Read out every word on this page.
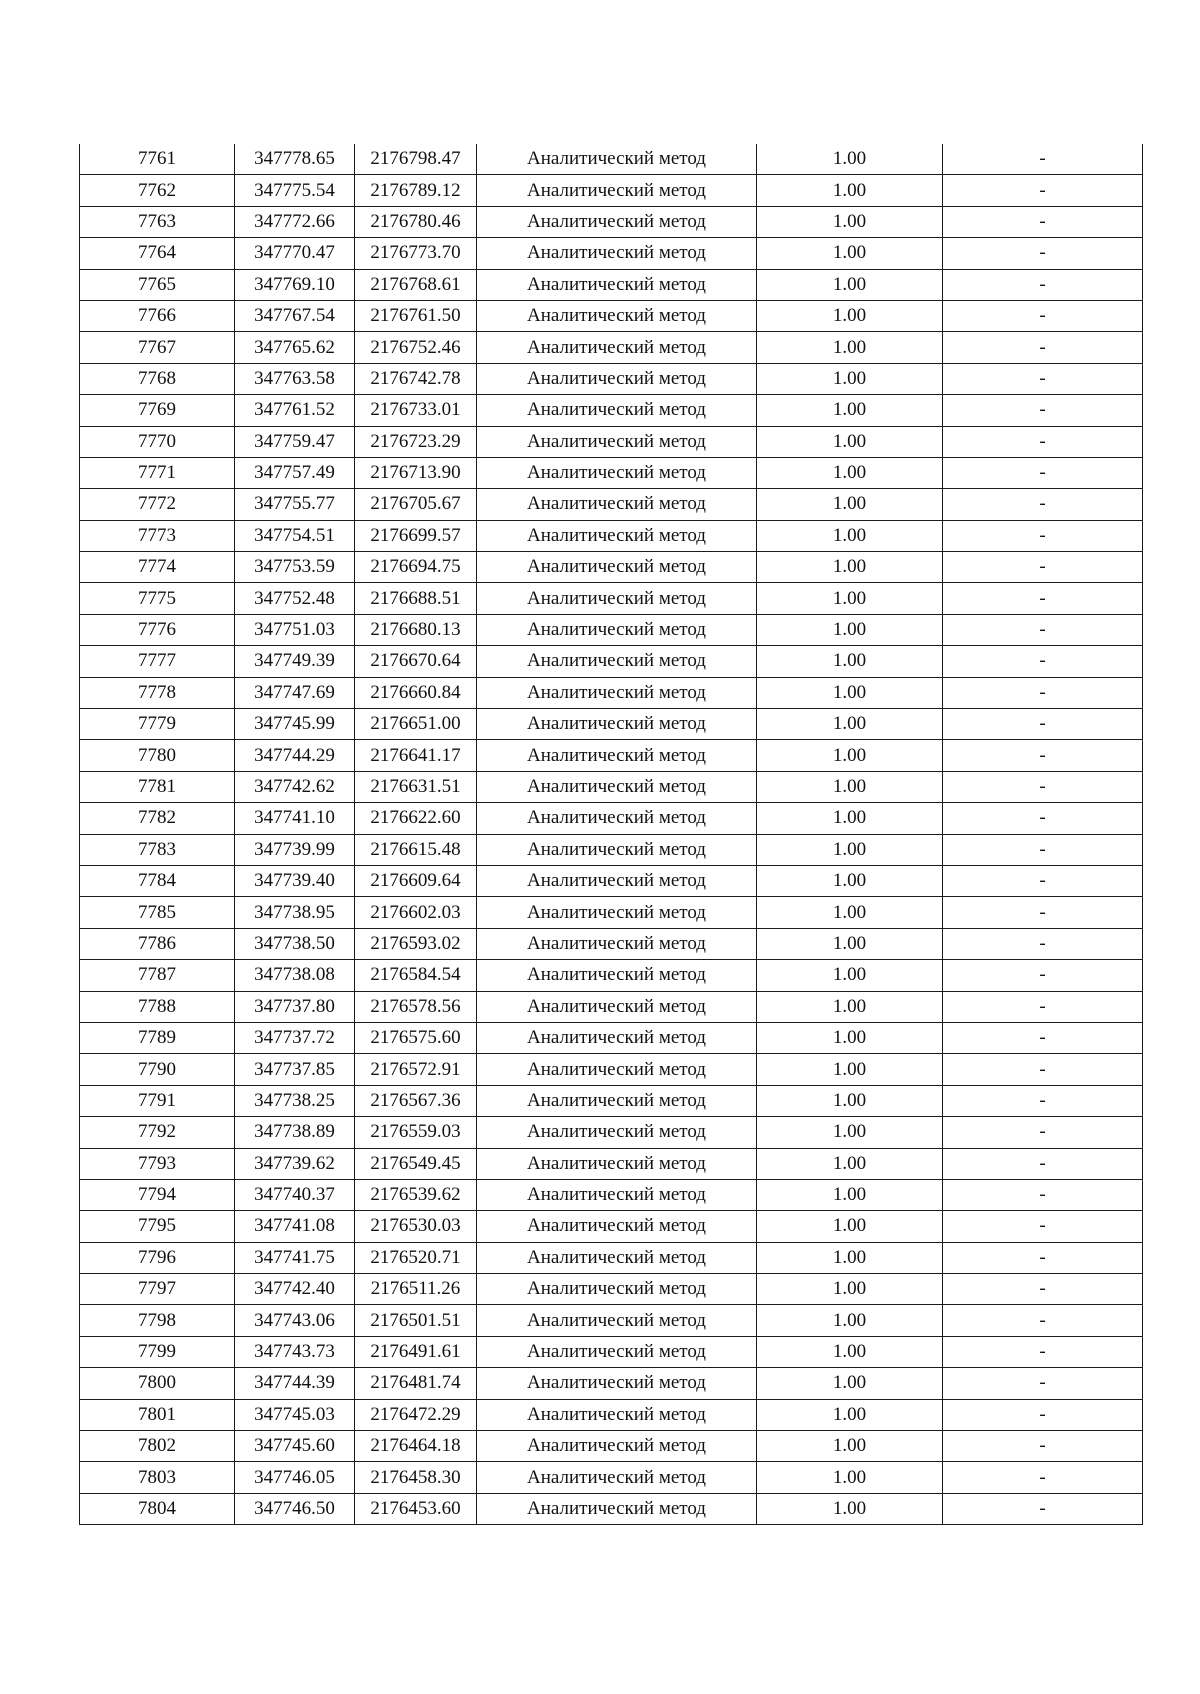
7761	347778.65	2176798.47	Аналитический метод	1.00	-
7762	347775.54	2176789.12	Аналитический метод	1.00	-
7763	347772.66	2176780.46	Аналитический метод	1.00	-
7764	347770.47	2176773.70	Аналитический метод	1.00	-
7765	347769.10	2176768.61	Аналитический метод	1.00	-
7766	347767.54	2176761.50	Аналитический метод	1.00	-
7767	347765.62	2176752.46	Аналитический метод	1.00	-
7768	347763.58	2176742.78	Аналитический метод	1.00	-
7769	347761.52	2176733.01	Аналитический метод	1.00	-
7770	347759.47	2176723.29	Аналитический метод	1.00	-
7771	347757.49	2176713.90	Аналитический метод	1.00	-
7772	347755.77	2176705.67	Аналитический метод	1.00	-
7773	347754.51	2176699.57	Аналитический метод	1.00	-
7774	347753.59	2176694.75	Аналитический метод	1.00	-
7775	347752.48	2176688.51	Аналитический метод	1.00	-
7776	347751.03	2176680.13	Аналитический метод	1.00	-
7777	347749.39	2176670.64	Аналитический метод	1.00	-
7778	347747.69	2176660.84	Аналитический метод	1.00	-
7779	347745.99	2176651.00	Аналитический метод	1.00	-
7780	347744.29	2176641.17	Аналитический метод	1.00	-
7781	347742.62	2176631.51	Аналитический метод	1.00	-
7782	347741.10	2176622.60	Аналитический метод	1.00	-
7783	347739.99	2176615.48	Аналитический метод	1.00	-
7784	347739.40	2176609.64	Аналитический метод	1.00	-
7785	347738.95	2176602.03	Аналитический метод	1.00	-
7786	347738.50	2176593.02	Аналитический метод	1.00	-
7787	347738.08	2176584.54	Аналитический метод	1.00	-
7788	347737.80	2176578.56	Аналитический метод	1.00	-
7789	347737.72	2176575.60	Аналитический метод	1.00	-
7790	347737.85	2176572.91	Аналитический метод	1.00	-
7791	347738.25	2176567.36	Аналитический метод	1.00	-
7792	347738.89	2176559.03	Аналитический метод	1.00	-
7793	347739.62	2176549.45	Аналитический метод	1.00	-
7794	347740.37	2176539.62	Аналитический метод	1.00	-
7795	347741.08	2176530.03	Аналитический метод	1.00	-
7796	347741.75	2176520.71	Аналитический метод	1.00	-
7797	347742.40	2176511.26	Аналитический метод	1.00	-
7798	347743.06	2176501.51	Аналитический метод	1.00	-
7799	347743.73	2176491.61	Аналитический метод	1.00	-
7800	347744.39	2176481.74	Аналитический метод	1.00	-
7801	347745.03	2176472.29	Аналитический метод	1.00	-
7802	347745.60	2176464.18	Аналитический метод	1.00	-
7803	347746.05	2176458.30	Аналитический метод	1.00	-
7804	347746.50	2176453.60	Аналитический метод	1.00	-
